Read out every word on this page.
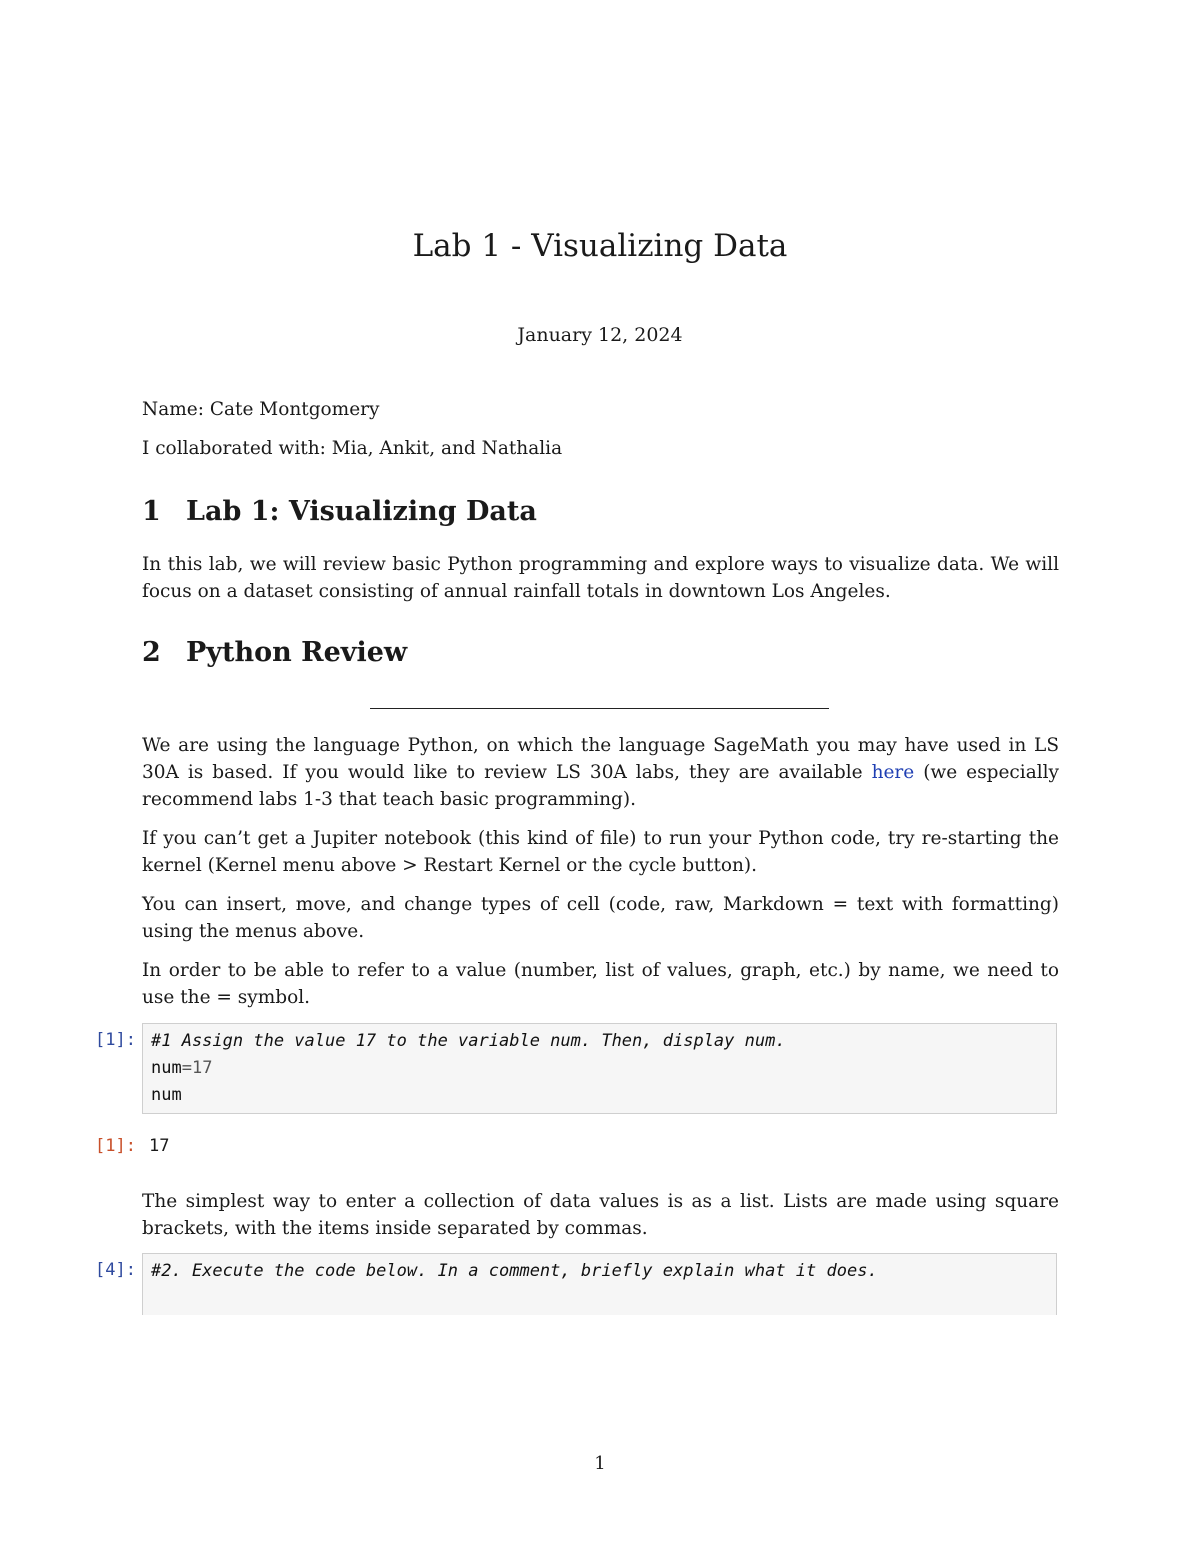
Lab 1 - Visualizing Data
January 12, 2024

Name: Cate Montgomery

I collaborated with: Mia, Ankit, and Nathalia

1 Lab 1: Visualizing Data

In this lab, we will review basic Python programming and explore ways to visualize data. We will focus on a dataset consisting of annual rainfall totals in downtown Los Angeles.

2 Python Review

We are using the language Python, on which the language SageMath you may have used in LS 30A is based. If you would like to review LS 30A labs, they are available here (we especially recommend labs 1-3 that teach basic programming).

If you can’t get a Jupiter notebook (this kind of file) to run your Python code, try re-starting the kernel (Kernel menu above > Restart Kernel or the cycle button).

You can insert, move, and change types of cell (code, raw, Markdown = text with formatting) using the menus above.

In order to be able to refer to a value (number, list of values, graph, etc.) by name, we need to use the = symbol.

[1]: #1 Assign the value 17 to the variable num. Then, display num.
num=17
num
[1]: 17

The simplest way to enter a collection of data values is as a list. Lists are made using square brackets, with the items inside separated by commas.

[4]: #2. Execute the code below. In a comment, briefly explain what it does.
1
